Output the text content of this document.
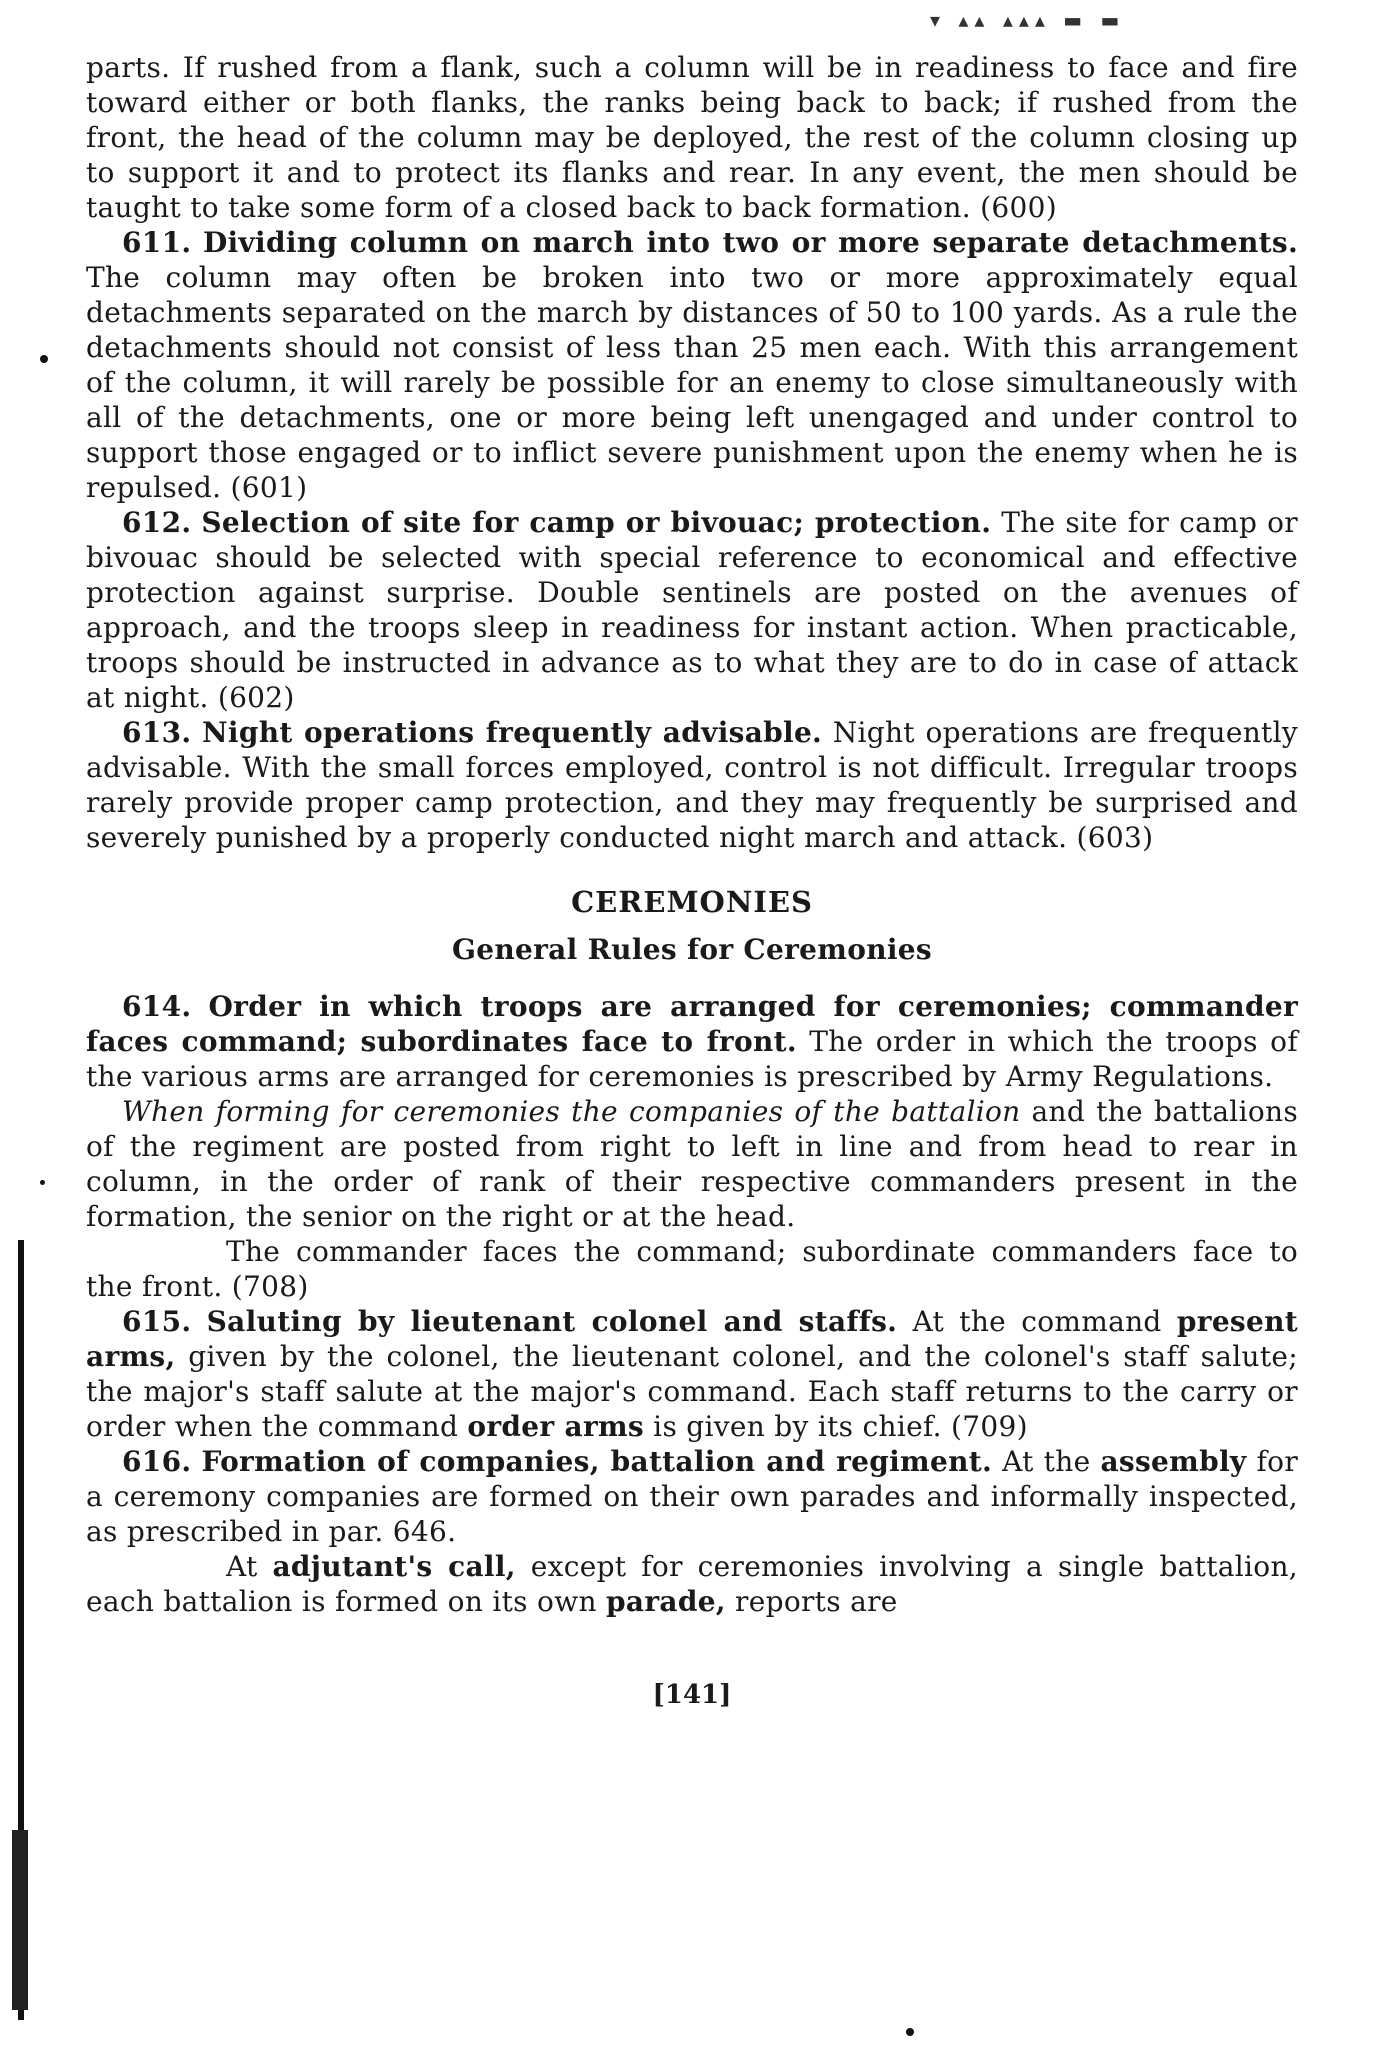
▾ ▴▴ ▴▴▴ ▬ ▬

parts. If rushed from a flank, such a column will be in readiness to face and fire toward either or both flanks, the ranks being back to back; if rushed from the front, the head of the column may be deployed, the rest of the column closing up to support it and to protect its flanks and rear. In any event, the men should be taught to take some form of a closed back to back formation. (600)

611. Dividing column on march into two or more separate detachments. The column may often be broken into two or more approximately equal detachments separated on the march by distances of 50 to 100 yards. As a rule the detachments should not consist of less than 25 men each. With this arrangement of the column, it will rarely be possible for an enemy to close simultaneously with all of the detachments, one or more being left unengaged and under control to support those engaged or to inflict severe punishment upon the enemy when he is repulsed. (601)

612. Selection of site for camp or bivouac; protection. The site for camp or bivouac should be selected with special reference to economical and effective protection against surprise. Double sentinels are posted on the avenues of approach, and the troops sleep in readiness for instant action. When practicable, troops should be instructed in advance as to what they are to do in case of attack at night. (602)

613. Night operations frequently advisable. Night operations are frequently advisable. With the small forces employed, control is not difficult. Irregular troops rarely provide proper camp protection, and they may frequently be surprised and severely punished by a properly conducted night march and attack. (603)

CEREMONIES
General Rules for Ceremonies

614. Order in which troops are arranged for ceremonies; commander faces command; subordinates face to front. The order in which the troops of the various arms are arranged for ceremonies is prescribed by Army Regulations.

When forming for ceremonies the companies of the battalion and the battalions of the regiment are posted from right to left in line and from head to rear in column, in the order of rank of their respective commanders present in the formation, the senior on the right or at the head.

The commander faces the command; subordinate commanders face to the front. (708)

615. Saluting by lieutenant colonel and staffs. At the command present arms, given by the colonel, the lieutenant colonel, and the colonel's staff salute; the major's staff salute at the major's command. Each staff returns to the carry or order when the command order arms is given by its chief. (709)

616. Formation of companies, battalion and regiment. At the assembly for a ceremony companies are formed on their own parades and informally inspected, as prescribed in par. 646.

At adjutant's call, except for ceremonies involving a single battalion, each battalion is formed on its own parade, reports are

[141]
